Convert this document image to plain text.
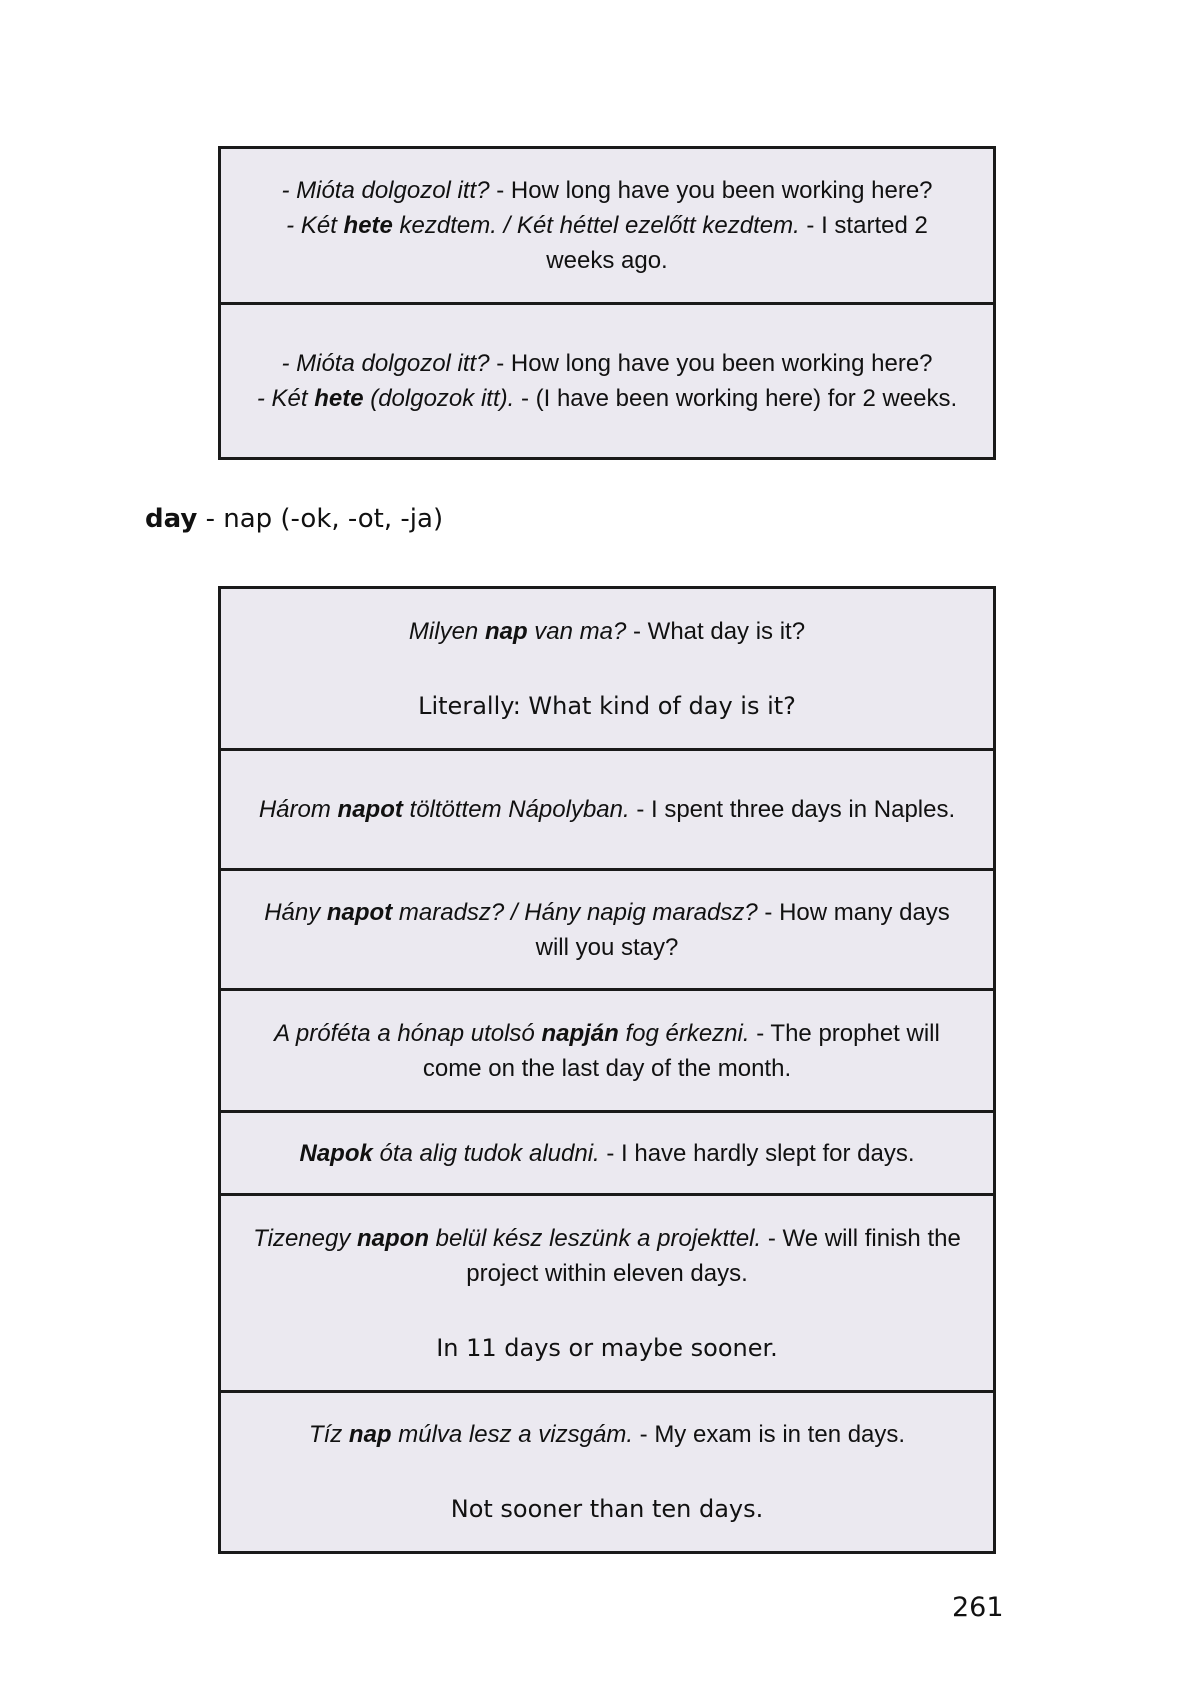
- Mióta dolgozol itt? - How long have you been working here?
- Két hete kezdtem. / Két héttel ezelőtt kezdtem. - I started 2 weeks ago.

- Mióta dolgozol itt? - How long have you been working here?
- Két hete (dolgozok itt). - (I have been working here) for 2 weeks.

day - nap (-ok, -ot, -ja)

Milyen nap van ma? - What day is it?

Literally: What kind of day is it?

Három napot töltöttem Nápolyban. - I spent three days in Naples.

Hány napot maradsz? / Hány napig maradsz? - How many days will you stay?

A próféta a hónap utolsó napján fog érkezni. - The prophet will come on the last day of the month.

Napok óta alig tudok aludni. - I have hardly slept for days.

Tizenegy napon belül kész leszünk a projekttel. - We will finish the project within eleven days.

In 11 days or maybe sooner.

Tíz nap múlva lesz a vizsgám. - My exam is in ten days.

Not sooner than ten days.
261
